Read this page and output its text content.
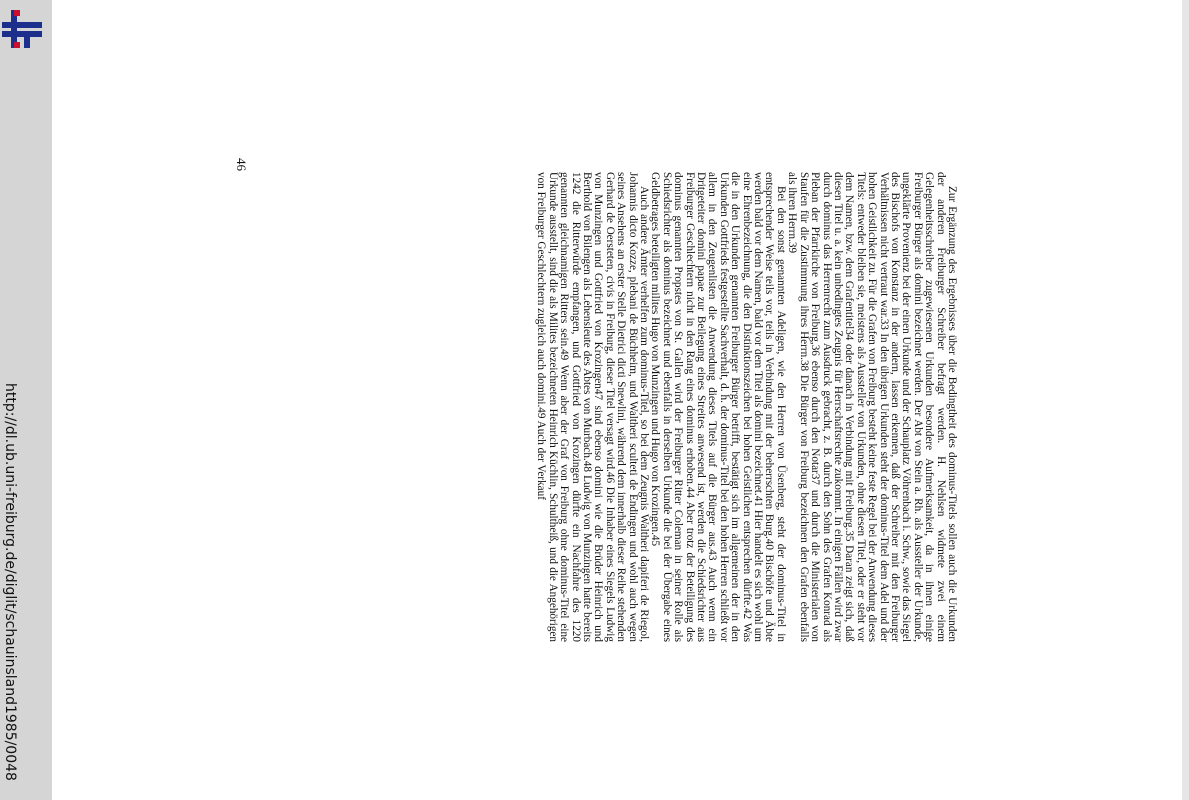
http://dl.ub.uni-freiburg.de/diglit/schauinsland1985/0048	Zur Ergänzung des Ergebnisses über die Bedingtheit des dominus-Titels sollen auch die Urkunden der anderen Freiburger Schreiber befragt werden. H. Nehlsen widmete zwei einem Gelegenheitsschreiber zugewiesenen Urkunden besondere Aufmerksamkeit, da in ihnen einige Freiburger Bürger als domini bezeichnet werden. Der Abt von Stein a. Rh. als Aussteller der Urkunde, ungeklärte Provenienz bei der einen Urkunde und der Schauplatz Vöhrenbach i. Schw., sowie das Siegel des Bischofs von Konstanz in der andern, lassen erkennen, daß der Schreiber mit den Freiburger Verhältnissen nicht vertraut war.33 In den übrigen Urkunden steht der dominus-Titel dem Adel und der hohen Geistlichkeit zu. Für die Grafen von Freiburg besteht keine feste Regel bei der Anwendung dieses Titels: entweder bleiben sie, meistens als Aussteller von Urkunden, ohne diesen Titel, oder er steht vor dem Namen, bzw. dem Grafentitel34 oder danach in Verbindung mit Freiburg.35 Daran zeigt sich, daß diesen Titel u. a. kein unbedingtes Zeugnis für Herrschaftsrechte zukommt. In einigen Fällen wird zwar durch dominus das Herrenrecht zum Ausdruck gebracht, z. B. durch den Sohn des Grafen Konrad als Pleban der Pfarrkirche von Freiburg,36 ebenso durch den Notar37 und durch die Ministerialen von Staufen für die Zustimmung ihres Herrn.38 Die Bürger von Freiburg bezeichnen den Grafen ebenfalls als ihren Herrn.39

Bei den sonst genannten Adeligen, wie den Herren von Üsenberg, steht der dominus-Titel in entsprechender Weise teils vor, teils in Verbindung mit der beherrschten Burg.40 Bischöfe und Äbte werden bald vor dem Namen, bald vor dem Titel als domini bezeichnet.41 Hier handelt es sich wohl um eine Ehrenbezeichnung, die den Distinktionszeichen bei hohen Geistlichen entsprechen dürfte.42 Was die in den Urkunden genannten Freiburger Bürger betrifft, bestätigt sich im allgemeinen der in den Urkunden Gottfrieds festgestellte Sachverhalt, d. h. der dominus-Titel bei den hohen Herren schließt vor allem in den Zeugenlisten die Anwendung dieses Titels auf die Bürger aus.43 Auch wenn ein Dritgeteiter domini papae zur Beilegung eines Streites anwesend ist, werden die Schiedsrichter aus Freiburger Geschlechtern nicht in den Rang eines dominus erhoben.44 Aber trotz der Beteiligung des dominus genannten Propstes von St. Gallen wird der Freiburger Ritter Coleman in seiner Rolle als Schiedsrichter als dominus bezeichnet und ebenfalls in derselben Urkunde die bei der Übergabe eines Geldbetrages beteiligten milites Hugo von Munzingen und Hugo von Krozingen.45

Auch andere Ämter verhelfen zum dominus-Titel, so bei dem Zeugnis Waltheri dapiferi de Riegol, Johannis dicto Kozze, plebani de Büchheim, und Waltheri sculteti de Endingen und wohl auch wegen seines Ansehens an erster Stelle Dietrici dicti Snewlini, während dem innerhalb dieser Reihe stehenden Gerhard de Oersteten, civis in Freiburg, dieser Titel versagt wird.46 Die Inhaber eines Siegels Ludwig von Munzingen und Gottfried von Krozingen47 sind ebenso domini wie die Brüder Heinrich und Berthold von Bilengen als Lehensleute des Abtes von Murbach.48 Ludwig von Munzingen hatte bereits 1242 die Ritterwürde empfangen, und Gottfried von Krozingen dürfte ein Nachfahre des 1220 genannten gleichnamigen Ritters sein.49 Wenn aber der Graf von Freiburg ohne dominus-Titel eine Urkunde ausstellt, sind die als Milites bezeichneten Heinrich Küchlin, Schultheiß, und die Angehörigen von Freiburger Geschlechtern zugleich auch domini.49 Auch der Verkauf

46
